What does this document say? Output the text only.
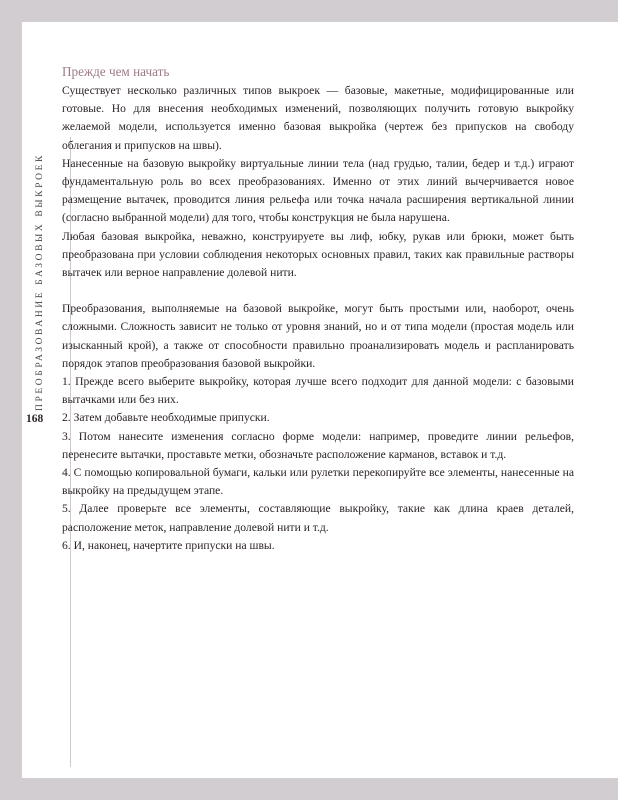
ПРЕОБРАЗОВАНИЕ БАЗОВЫХ ВЫКРОЕК
168
Прежде чем начать

Существует несколько различных типов выкроек — базовые, макетные, модифицированные или готовые. Но для внесения необходимых изменений, позволяющих получить готовую выкройку желаемой модели, используется именно базовая выкройка (чертеж без припусков на свободу облегания и припусков на швы).

Нанесенные на базовую выкройку виртуальные линии тела (над грудью, талии, бедер и т.д.) играют фундаментальную роль во всех преобразованиях. Именно от этих линий вычерчивается новое размещение вытачек, проводится линия рельефа или точка начала расширения вертикальной линии (согласно выбранной модели) для того, чтобы конструкция не была нарушена.

Любая базовая выкройка, неважно, конструируете вы лиф, юбку, рукав или брюки, может быть преобразована при условии соблюдения некоторых основных правил, таких как правильные растворы вытачек или верное направление долевой нити.

Преобразования, выполняемые на базовой выкройке, могут быть простыми или, наоборот, очень сложными. Сложность зависит не только от уровня знаний, но и от типа модели (простая модель или изысканный крой), а также от способности правильно проанализировать модель и распланировать порядок этапов преобразования базовой выкройки.

1. Прежде всего выберите выкройку, которая лучше всего подходит для данной модели: с базовыми вытачками или без них.

2. Затем добавьте необходимые припуски.

3. Потом нанесите изменения согласно форме модели: например, проведите линии рельефов, перенесите вытачки, проставьте метки, обозначьте расположение карманов, вставок и т.д.

4. С помощью копировальной бумаги, кальки или рулетки перекопируйте все элементы, нанесенные на выкройку на предыдущем этапе.

5. Далее проверьте все элементы, составляющие выкройку, такие как длина краев деталей, расположение меток, направление долевой нити и т.д.

6. И, наконец, начертите припуски на швы.
